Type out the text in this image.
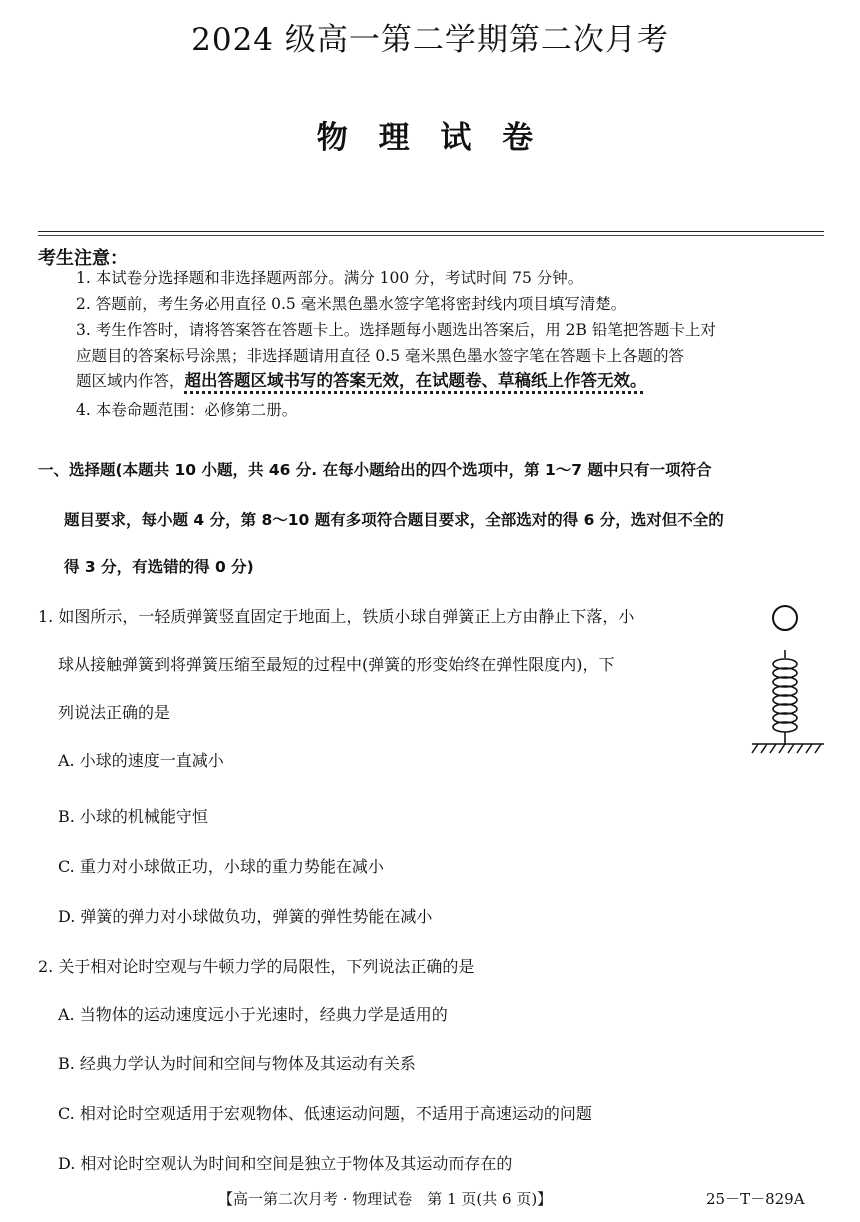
2024 级高一第二学期第二次月考
物 理 试 卷
考生注意：
1. 本试卷分选择题和非选择题两部分。满分 100 分，考试时间 75 分钟。
2. 答题前，考生务必用直径 0.5 毫米黑色墨水签字笔将密封线内项目填写清楚。
3. 考生作答时，请将答案答在答题卡上。选择题每小题选出答案后，用 2B 铅笔把答题卡上对
应题目的答案标号涂黑；非选择题请用直径 0.5 毫米黑色墨水签字笔在答题卡上各题的答
题区域内作答，超出答题区域书写的答案无效，在试题卷、草稿纸上作答无效。
4. 本卷命题范围：必修第二册。
一、选择题(本题共 10 小题，共 46 分. 在每小题给出的四个选项中，第 1～7 题中只有一项符合
题目要求，每小题 4 分，第 8～10 题有多项符合题目要求，全部选对的得 6 分，选对但不全的
得 3 分，有选错的得 0 分)
1. 如图所示，一轻质弹簧竖直固定于地面上，铁质小球自弹簧正上方由静止下落，小
球从接触弹簧到将弹簧压缩至最短的过程中(弹簧的形变始终在弹性限度内)，下
列说法正确的是
A. 小球的速度一直减小
B. 小球的机械能守恒
C. 重力对小球做正功，小球的重力势能在减小
D. 弹簧的弹力对小球做负功，弹簧的弹性势能在减小
2. 关于相对论时空观与牛顿力学的局限性，下列说法正确的是
A. 当物体的运动速度远小于光速时，经典力学是适用的
B. 经典力学认为时间和空间与物体及其运动有关系
C. 相对论时空观适用于宏观物体、低速运动问题，不适用于高速运动的问题
D. 相对论时空观认为时间和空间是独立于物体及其运动而存在的
【高一第二次月考 · 物理试卷　第 1 页(共 6 页)】	25－T－829A
